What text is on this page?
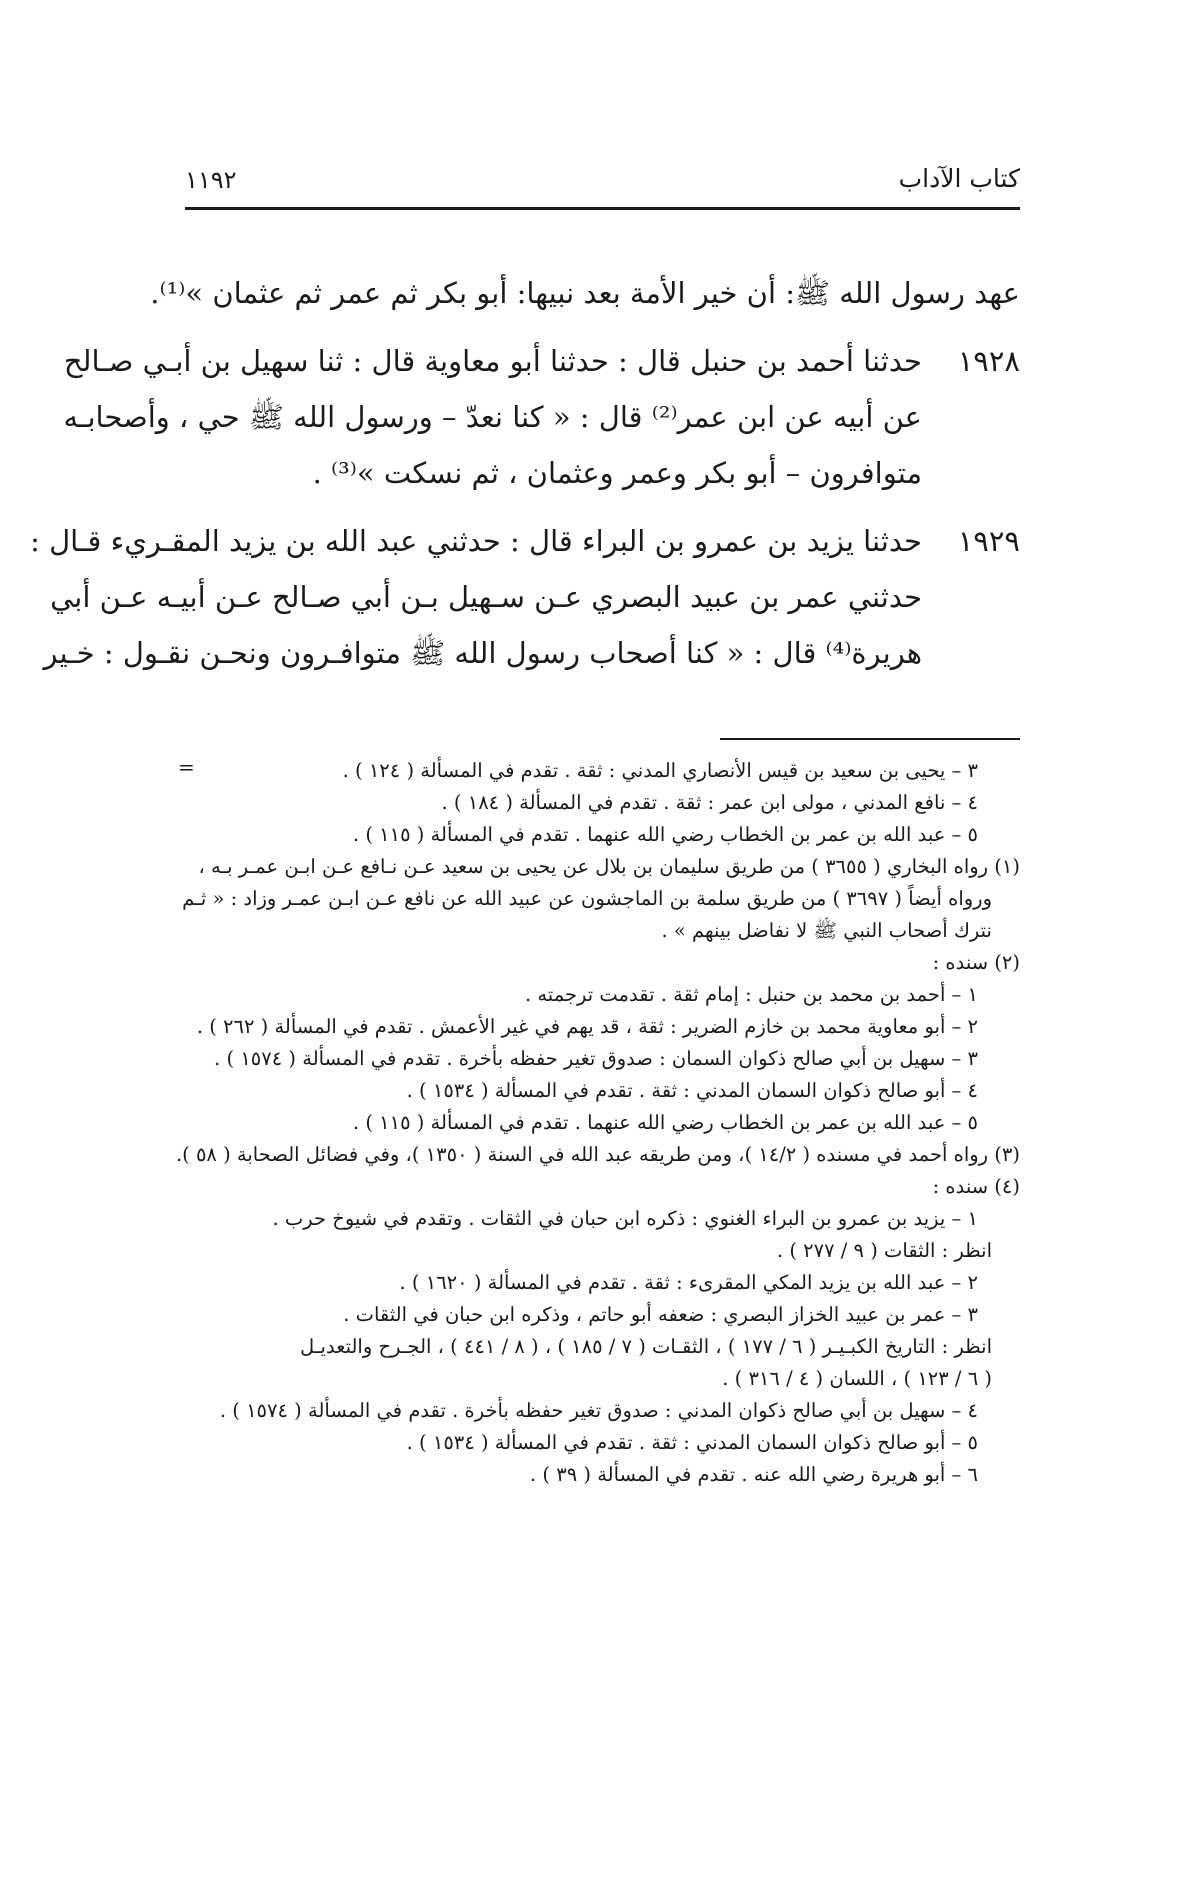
كتاب الآداب
١١٩٢
عهد رسول الله ﷺ: أن خير الأمة بعد نبيها: أبو بكر ثم عمر ثم عثمان »⁽¹⁾.
١٩٢٨
حدثنا أحمد بن حنبل قال : حدثنا أبو معاوية قال : ثنا سهيل بن أبـي صـالح
عن أبيه عن ابن عمر⁽²⁾ قال : « كنا نعدّ – ورسول الله ﷺ حي ، وأصحابـه
متوافرون – أبو بكر وعمر وعثمان ، ثم نسكت »⁽³⁾ .
١٩٢٩
حدثنا يزيد بن عمرو بن البراء قال : حدثني عبد الله بن يزيد المقـريء قـال :
حدثني عمر بن عبيد البصري عـن سـهيل بـن أبي صـالح عـن أبيـه عـن أبي
هريرة⁽⁴⁾ قال : « كنا أصحاب رسول الله ﷺ متوافـرون ونحـن نقـول : خـير
=	٣ – يحيى بن سعيد بن قيس الأنصاري المدني : ثقة . تقدم في المسألة ( ١٢٤ ) .
٤ – نافع المدني ، مولى ابن عمر : ثقة . تقدم في المسألة ( ١٨٤ ) .
٥ – عبد الله بن عمر بن الخطاب رضي الله عنهما . تقدم في المسألة ( ١١٥ ) .
(١) رواه البخاري ( ٣٦٥٥ ) من طريق سليمان بن بلال عن يحيى بن سعيد عـن نـافع عـن ابـن عمـر بـه ،
ورواه أيضاً ( ٣٦٩٧ ) من طريق سلمة بن الماجشون عن عبيد الله عن نافع عـن ابـن عمـر وزاد : « ثـم
نترك أصحاب النبي ﷺ لا نفاضل بينهم » .
(٢) سنده :
١ – أحمد بن محمد بن حنبل : إمام ثقة . تقدمت ترجمته .
٢ – أبو معاوية محمد بن خازم الضرير : ثقة ، قد يهم في غير الأعمش . تقدم في المسألة ( ٢٦٢ ) .
٣ – سهيل بن أبي صالح ذكوان السمان : صدوق تغير حفظه بأخرة . تقدم في المسألة ( ١٥٧٤ ) .
٤ – أبو صالح ذكوان السمان المدني : ثقة . تقدم في المسألة ( ١٥٣٤ ) .
٥ – عبد الله بن عمر بن الخطاب رضي الله عنهما . تقدم في المسألة ( ١١٥ ) .
(٣) رواه أحمد في مسنده ( ١٤/٢ )، ومن طريقه عبد الله في السنة ( ١٣٥٠ )، وفي فضائل الصحابة ( ٥٨ ).
(٤) سنده :
١ – يزيد بن عمرو بن البراء الغنوي : ذكره ابن حبان في الثقات . وتقدم في شيوخ حرب .
انظر : الثقات ( ٩ / ٢٧٧ ) .
٢ – عبد الله بن يزيد المكي المقرىء : ثقة . تقدم في المسألة ( ١٦٢٠ ) .
٣ – عمر بن عبيد الخزاز البصري : ضعفه أبو حاتم ، وذكره ابن حبان في الثقات .
انظر : التاريخ الكبـيـر ( ٦ / ١٧٧ ) ، الثقـات ( ٧ / ١٨٥ ) ، ( ٨ / ٤٤١ ) ، الجـرح والتعديـل
( ٦ / ١٢٣ ) ، اللسان ( ٤ / ٣١٦ ) .
٤ – سهيل بن أبي صالح ذكوان المدني : صدوق تغير حفظه بأخرة . تقدم في المسألة ( ١٥٧٤ ) .
٥ – أبو صالح ذكوان السمان المدني : ثقة . تقدم في المسألة ( ١٥٣٤ ) .
٦ – أبو هريرة رضي الله عنه . تقدم في المسألة ( ٣٩ ) .
